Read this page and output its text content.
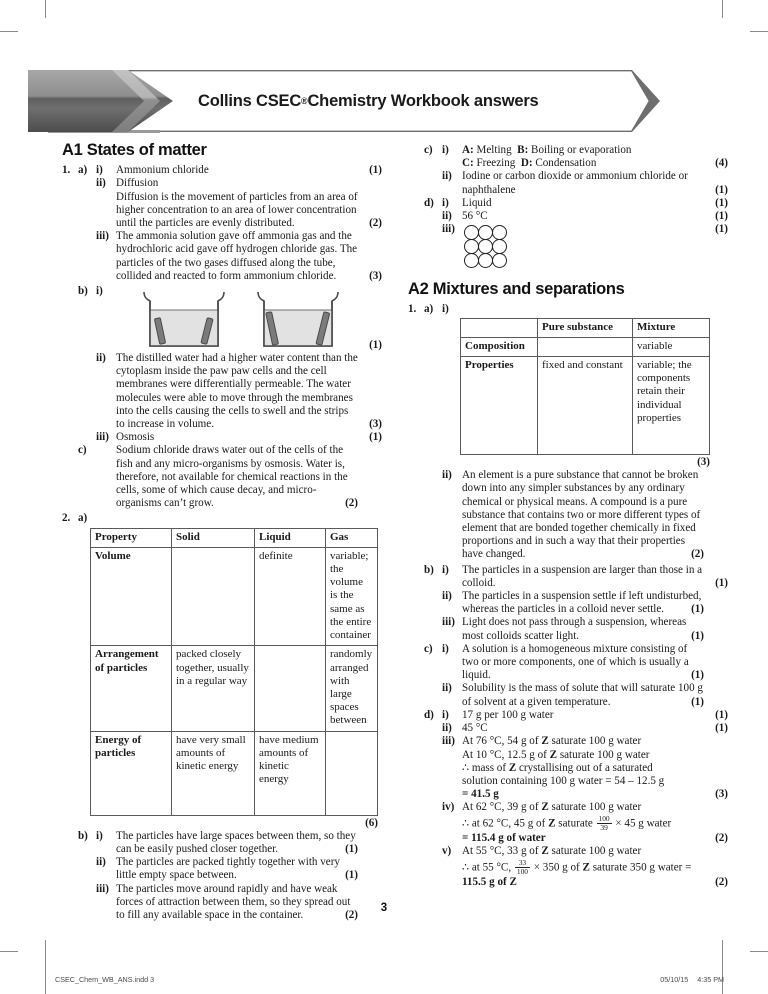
Collins CSEC ® Chemistry Workbook answers
A1 States of matter
1. a) i)	Ammonium chloride	(1)
ii) Diffusion
Diffusion is the movement of particles from an area of higher concentration to an area of lower concentration until the particles are evenly distributed.	(2)
iii) The ammonia solution gave off ammonia gas and the hydrochloric acid gave off hydrogen chloride gas. The particles of the two gases diffused along the tube, collided and reacted to form ammonium chloride.	(3)
b) i)
(1)
ii) The distilled water had a higher water content than the cytoplasm inside the paw paw cells and the cell membranes were differentially permeable. The water molecules were able to move through the membranes into the cells causing the cells to swell and the strips to increase in volume.	(3)
iii) Osmosis	(1)
c)	Sodium chloride draws water out of the cells of the fish and any micro-organisms by osmosis. Water is, therefore, not available for chemical reactions in the cells, some of which cause decay, and micro-organisms can’t grow.	(2)
2. a)
Property	Solid	Liquid	Gas
Volume		definite	variable; the volume is the same as the entire container
Arrangement of particles	packed closely together, usually in a regular way		randomly arranged with large spaces between
Energy of particles	have very small amounts of kinetic energy	have medium amounts of kinetic energy	
(6)
b) i)	The particles have large spaces between them, so they can be easily pushed closer together.	(1)
ii) The particles are packed tightly together with very little empty space between.	(1)
iii) The particles move around rapidly and have weak forces of attraction between them, so they spread out to fill any available space in the container.	(2)
c) i)	A: Melting B: Boiling or evaporation
C: Freezing D: Condensation	(4)
ii) Iodine or carbon dioxide or ammonium chloride or naphthalene	(1)
d) i)	Liquid	(1)
ii) 56 °C	(1)
iii)	(1)
A2 Mixtures and separations
1. a) i)
	Pure substance	Mixture
Composition		variable
Properties	fixed and constant	variable; the components retain their individual properties
(3)
ii) An element is a pure substance that cannot be broken down into any simpler substances by any ordinary chemical or physical means. A compound is a pure substance that contains two or more different types of element that are bonded together chemically in fixed proportions and in such a way that their properties have changed.	(2)
b) i)	The particles in a suspension are larger than those in a colloid.	(1)
ii) The particles in a suspension settle if left undisturbed, whereas the particles in a colloid never settle. (1)
iii) Light does not pass through a suspension, whereas most colloids scatter light.	(1)
c) i)	A solution is a homogeneous mixture consisting of two or more components, one of which is usually a liquid.	(1)
ii) Solubility is the mass of solute that will saturate 100 g of solvent at a given temperature.	(1)
d) i)	17 g per 100 g water	(1)
ii) 45 °C	(1)
iii) At 76 °C, 54 g of Z saturate 100 g water
At 10 °C, 12.5 g of Z saturate 100 g water
∴ mass of Z crystallising out of a saturated
solution containing 100 g water = 54 – 12.5 g
= 41.5 g	(3)
iv) At 62 °C, 39 g of Z saturate 100 g water
∴ at 62 °C, 45 g of Z saturate $\frac{100}{39} \times 45$ g water
= 115.4 g of water	(2)
v) At 55 °C, 33 g of Z saturate 100 g water
∴ at 55 °C, $\frac{33}{100} \times 350$ g of Z saturate 350 g water =
115.5 g of Z	(2)
3
CSEC_Chem_WB_ANS.indd 3	05/10/15 4:35 PM
